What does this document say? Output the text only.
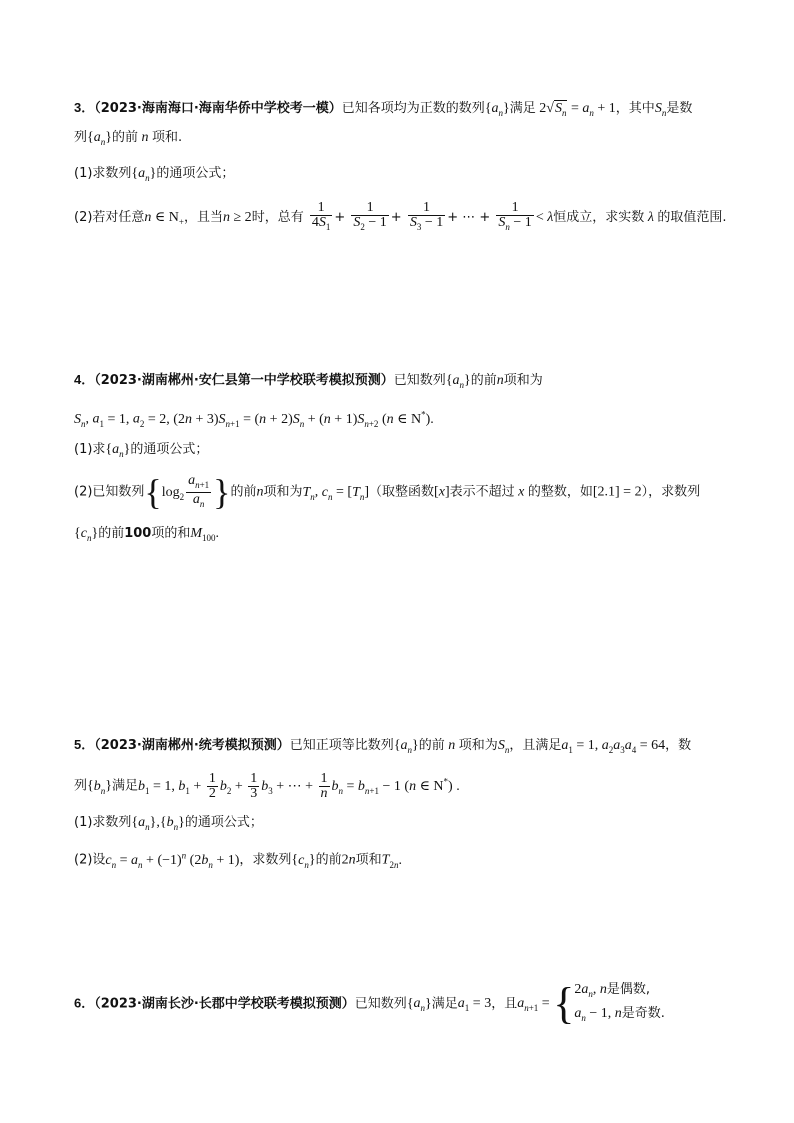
3．（2023·海南海口·海南华侨中学校考一模）已知各项均为正数的数列$\{a_n\}$满足 $2√S_n = a_n + 1$，其中$S_n$是数
列$\{a_n\}$的前 n 项和.
(1)求数列$\{a_n\}$的通项公式；
(2)若对任意n ∈ $N_+$，且当n ≥ 2时，总有 $\frac{1}{4S_1} + \frac{1}{S_2 - 1} + \frac{1}{S_3 - 1}$ + ⋯ + $\frac{1}{S_n - 1} < \lambda$恒成立，求实数 λ 的取值范围.
4．（2023·湖南郴州·安仁县第一中学校联考模拟预测）已知数列$\{a_n\}$的前n项和为
$S_n$, $a_1 = 1$, $a_2 = 2$, $(2n + 3)S_{n+1} = (n + 2)S_n + (n + 1)S_{n+2}$ (n ∈ N*).
(1)求$\{a_n\}$的通项公式；
(2)已知数列{$\log_2 \frac{a_{n+1}}{a_n}$ }的前n项和为$T_n$, $c_n = [T_n]$（取整函数[x]表示不超过 x 的整数，如[2.1] = 2），求数列
$\{c_n\}$的前100项的和$M_{100}$.
5．（2023·湖南郴州·统考模拟预测）已知正项等比数列$\{a_n\}$的前 n 项和为$S_n$，且满足$a_1 = 1$, $a_2a_3a_4 = 64$，数
列$\{b_n\}$满足$b_1 = 1$, $b_1 + \frac{1}{2} b_2 + \frac{1}{3} b_3$ + ⋯ + $\frac{1}{n} b_n = b_{n+1} - 1$ (n ∈ N*) .
(1)求数列$\{a_n\},\{b_n\}$的通项公式；
(2)设$c_n = a_n + (-1)^n$ $(2b_n + 1)$，求数列$\{c_n\}$的前2n项和$T_{2n}$.
6．（2023·湖南长沙·长郡中学校联考模拟预测）已知数列$\{a_n\}$满足$a_1 = 3$，且$a_{n+1}$ = { $2a_n$, n是偶数,
$a_n - 1$, n是奇数.
